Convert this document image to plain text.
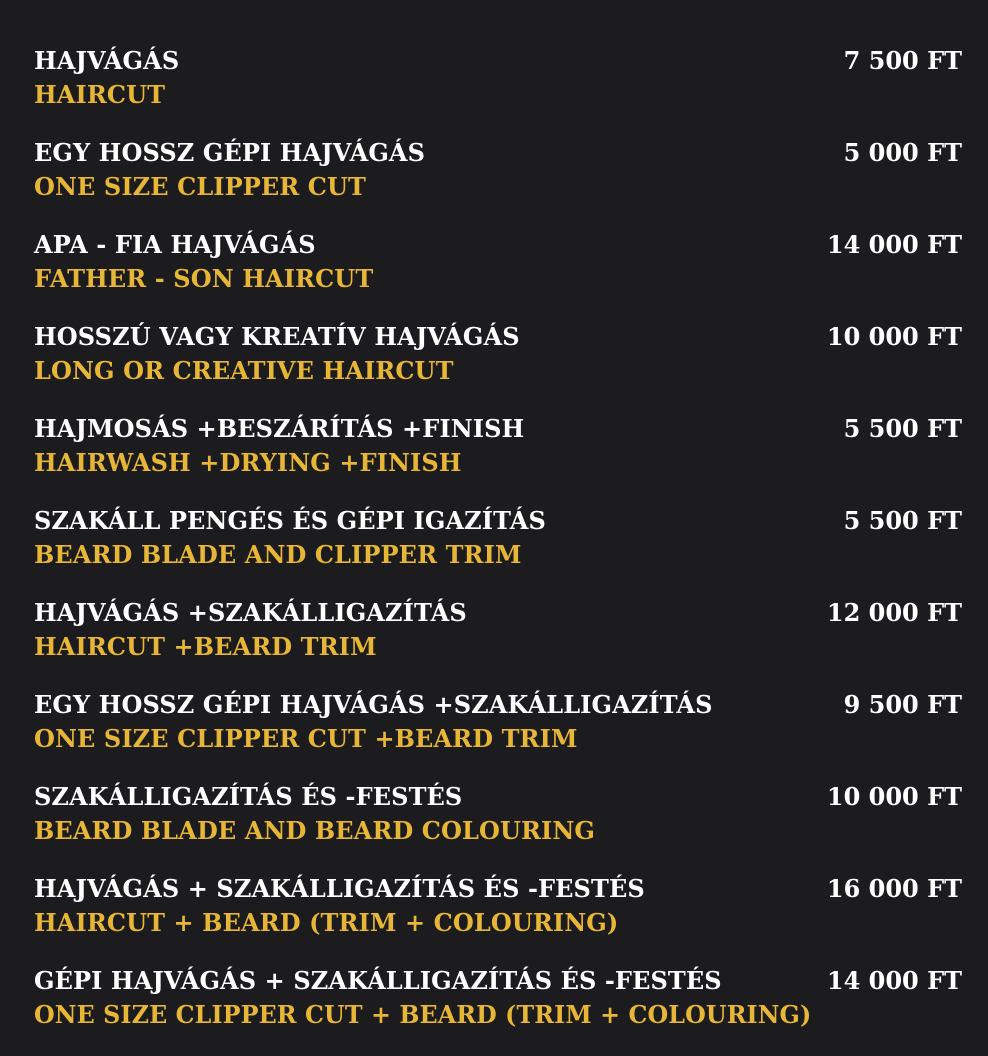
HAJVÁGÁS
HAIRCUT
7 500 FT
EGY HOSSZ GÉPI HAJVÁGÁS
ONE SIZE CLIPPER CUT
5 000 FT
APA - FIA HAJVÁGÁS
FATHER - SON HAIRCUT
14 000 FT
HOSSZÚ VAGY KREATÍV HAJVÁGÁS
LONG OR CREATIVE HAIRCUT
10 000 FT
HAJMOSÁS +BESZÁRÍTÁS +FINISH
HAIRWASH +DRYING +FINISH
5 500 FT
SZAKÁLL PENGÉS ÉS GÉPI IGAZÍTÁS
BEARD BLADE AND CLIPPER TRIM
5 500 FT
HAJVÁGÁS +SZAKÁLLIGAZÍTÁS
HAIRCUT +BEARD TRIM
12 000 FT
EGY HOSSZ GÉPI HAJVÁGÁS +SZAKÁLLIGAZÍTÁS
ONE SIZE CLIPPER CUT +BEARD TRIM
9 500 FT
SZAKÁLLIGAZÍTÁS ÉS -FESTÉS
BEARD BLADE AND BEARD COLOURING
10 000 FT
HAJVÁGÁS + SZAKÁLLIGAZÍTÁS ÉS -FESTÉS
HAIRCUT + BEARD (TRIM + COLOURING)
16 000 FT
GÉPI HAJVÁGÁS + SZAKÁLLIGAZÍTÁS ÉS -FESTÉS
ONE SIZE CLIPPER CUT + BEARD (TRIM + COLOURING)
14 000 FT
